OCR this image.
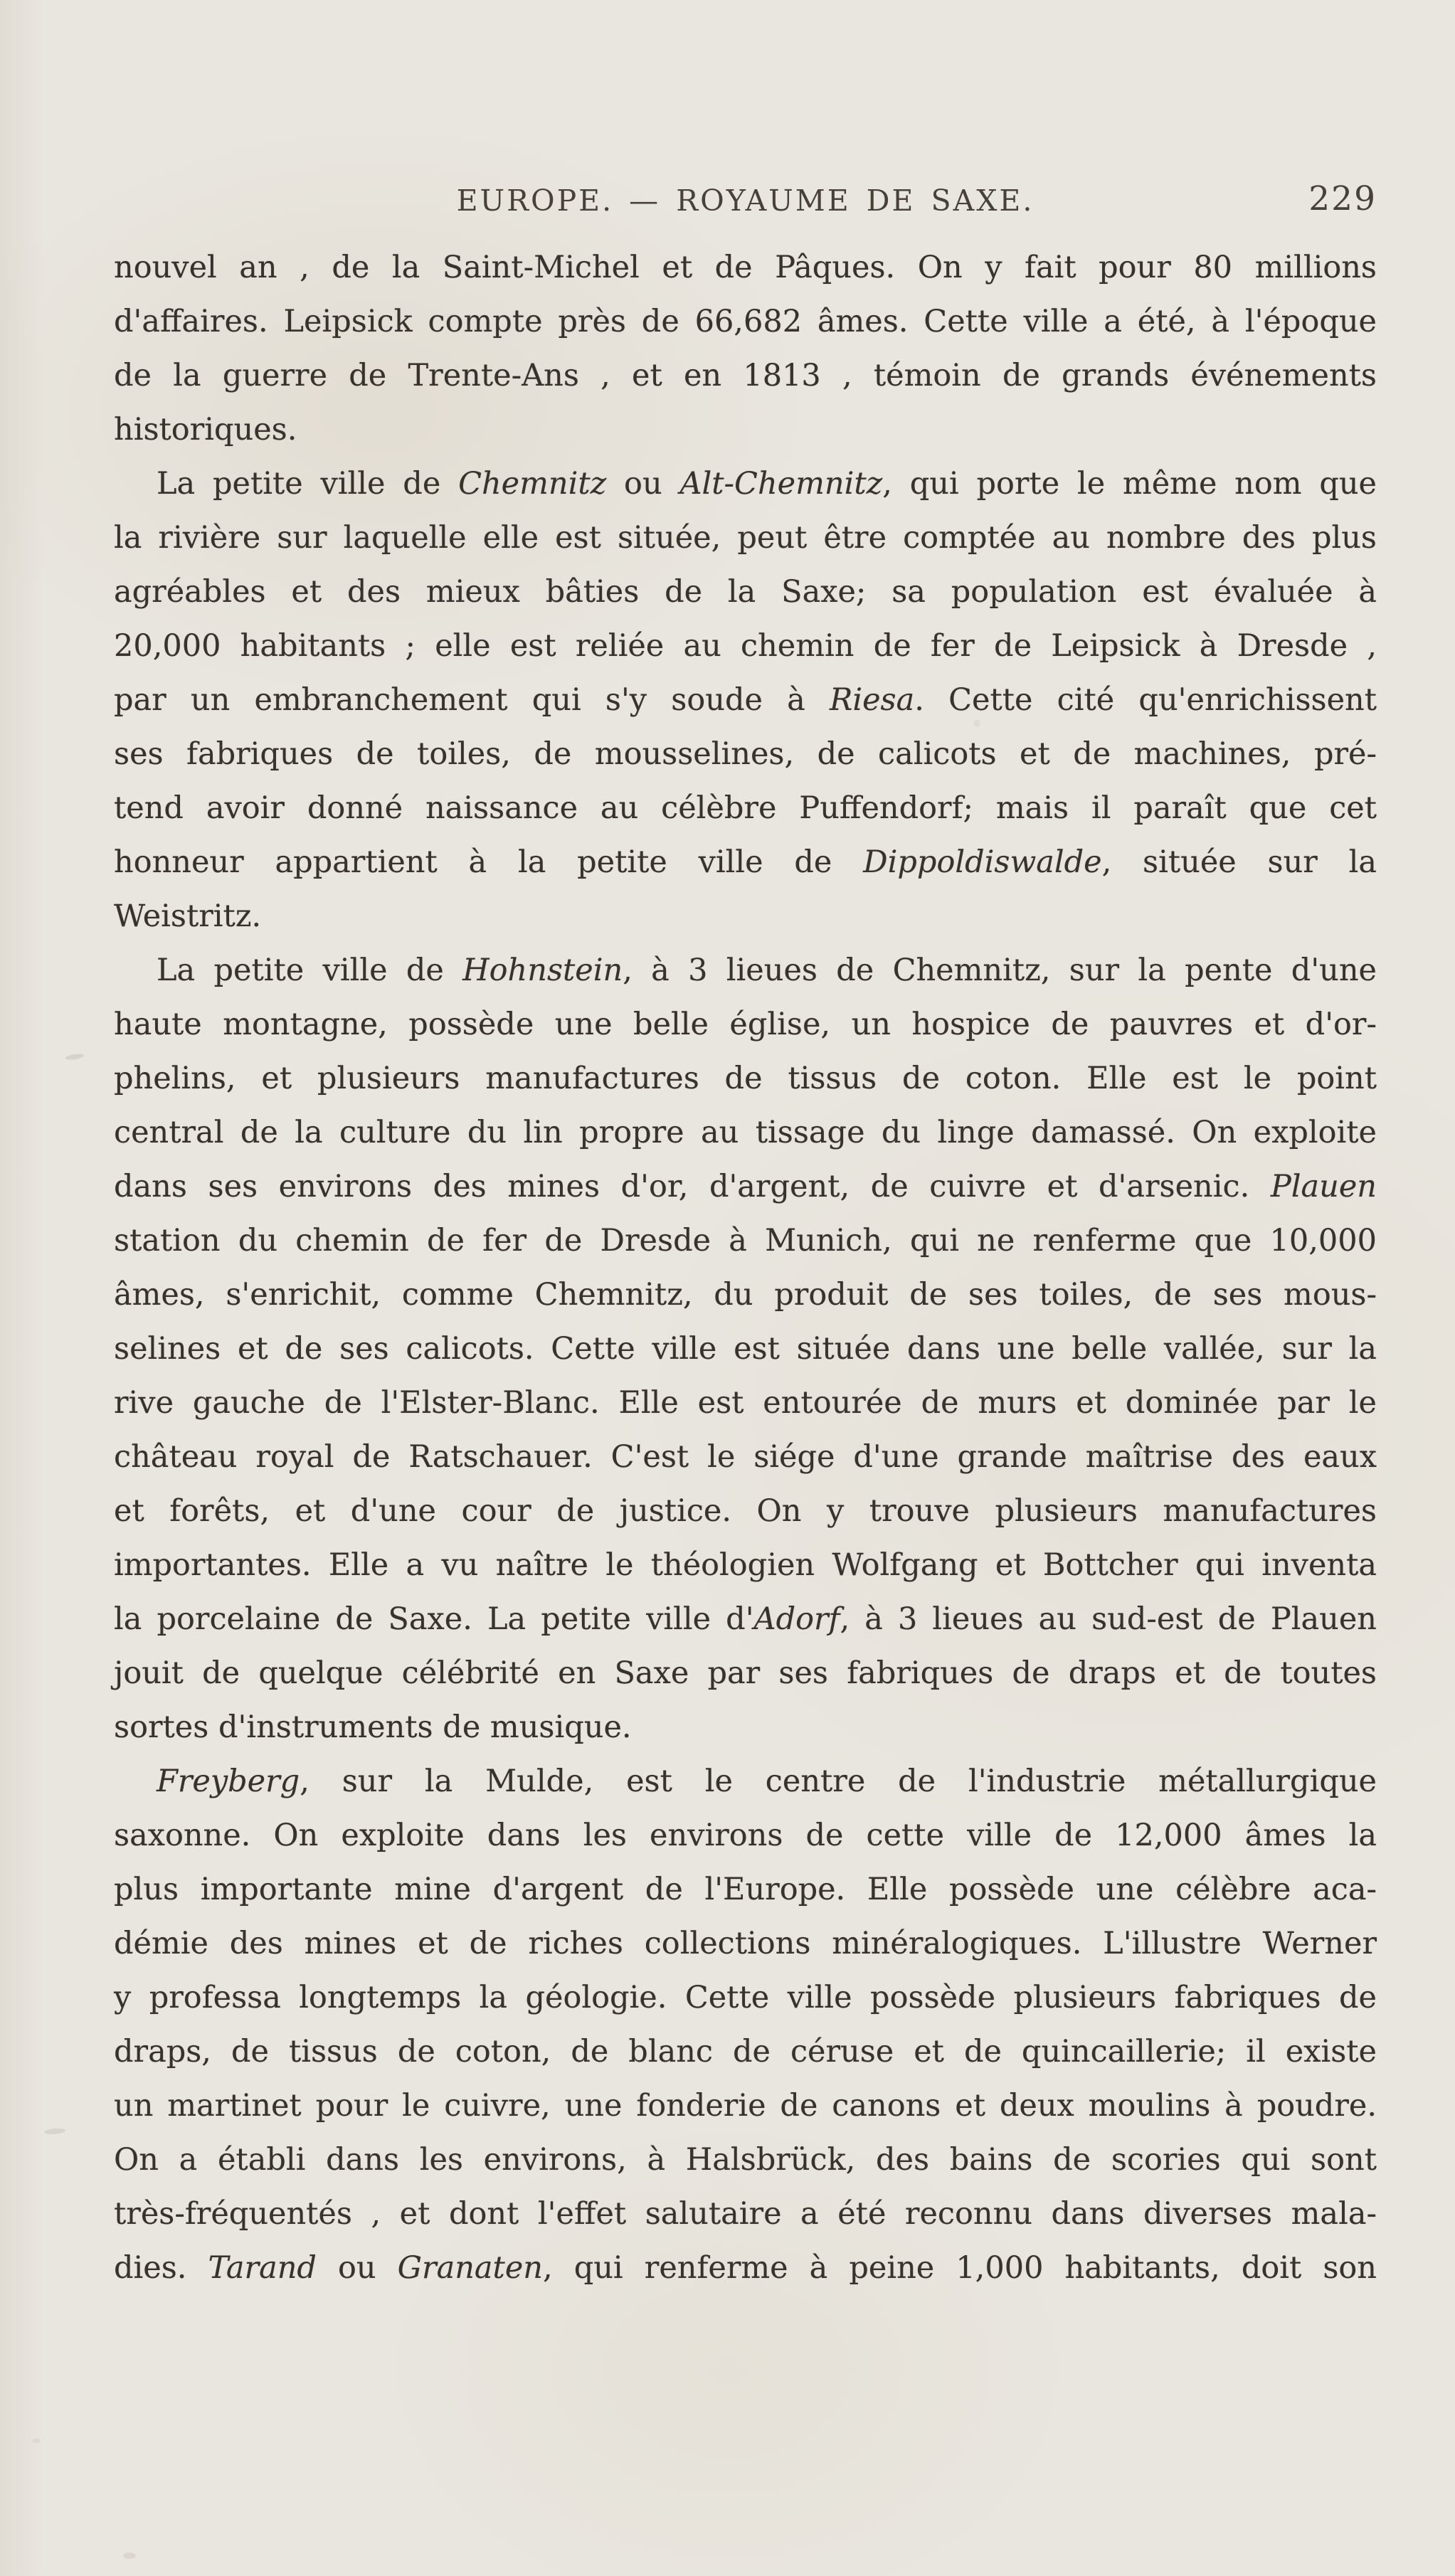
EUROPE. — ROYAUME DE SAXE.	229
nouvel an , de la Saint-Michel et de Pâques. On y fait pour 80 millions
d'affaires. Leipsick compte près de 66,682 âmes. Cette ville a été, à l'époque
de la guerre de Trente-Ans , et en 1813 , témoin de grands événements
historiques.
La petite ville de Chemnitz ou Alt-Chemnitz, qui porte le même nom que
la rivière sur laquelle elle est située, peut être comptée au nombre des plus
agréables et des mieux bâties de la Saxe; sa population est évaluée à
20,000 habitants ; elle est reliée au chemin de fer de Leipsick à Dresde ,
par un embranchement qui s'y soude à Riesa. Cette cité qu'enrichissent
ses fabriques de toiles, de mousselines, de calicots et de machines, pré-
tend avoir donné naissance au célèbre Puffendorf; mais il paraît que cet
honneur appartient à la petite ville de Dippoldiswalde, située sur la
Weistritz.
La petite ville de Hohnstein, à 3 lieues de Chemnitz, sur la pente d'une
haute montagne, possède une belle église, un hospice de pauvres et d'or-
phelins, et plusieurs manufactures de tissus de coton. Elle est le point
central de la culture du lin propre au tissage du linge damassé. On exploite
dans ses environs des mines d'or, d'argent, de cuivre et d'arsenic. Plauen
station du chemin de fer de Dresde à Munich, qui ne renferme que 10,000
âmes, s'enrichit, comme Chemnitz, du produit de ses toiles, de ses mous-
selines et de ses calicots. Cette ville est située dans une belle vallée, sur la
rive gauche de l'Elster-Blanc. Elle est entourée de murs et dominée par le
château royal de Ratschauer. C'est le siége d'une grande maîtrise des eaux
et forêts, et d'une cour de justice. On y trouve plusieurs manufactures
importantes. Elle a vu naître le théologien Wolfgang et Bottcher qui inventa
la porcelaine de Saxe. La petite ville d'Adorf, à 3 lieues au sud-est de Plauen
jouit de quelque célébrité en Saxe par ses fabriques de draps et de toutes
sortes d'instruments de musique.
Freyberg, sur la Mulde, est le centre de l'industrie métallurgique
saxonne. On exploite dans les environs de cette ville de 12,000 âmes la
plus importante mine d'argent de l'Europe. Elle possède une célèbre aca-
démie des mines et de riches collections minéralogiques. L'illustre Werner
y professa longtemps la géologie. Cette ville possède plusieurs fabriques de
draps, de tissus de coton, de blanc de céruse et de quincaillerie; il existe
un martinet pour le cuivre, une fonderie de canons et deux moulins à poudre.
On a établi dans les environs, à Halsbrück, des bains de scories qui sont
très-fréquentés , et dont l'effet salutaire a été reconnu dans diverses mala-
dies. Tarand ou Granaten, qui renferme à peine 1,000 habitants, doit son
